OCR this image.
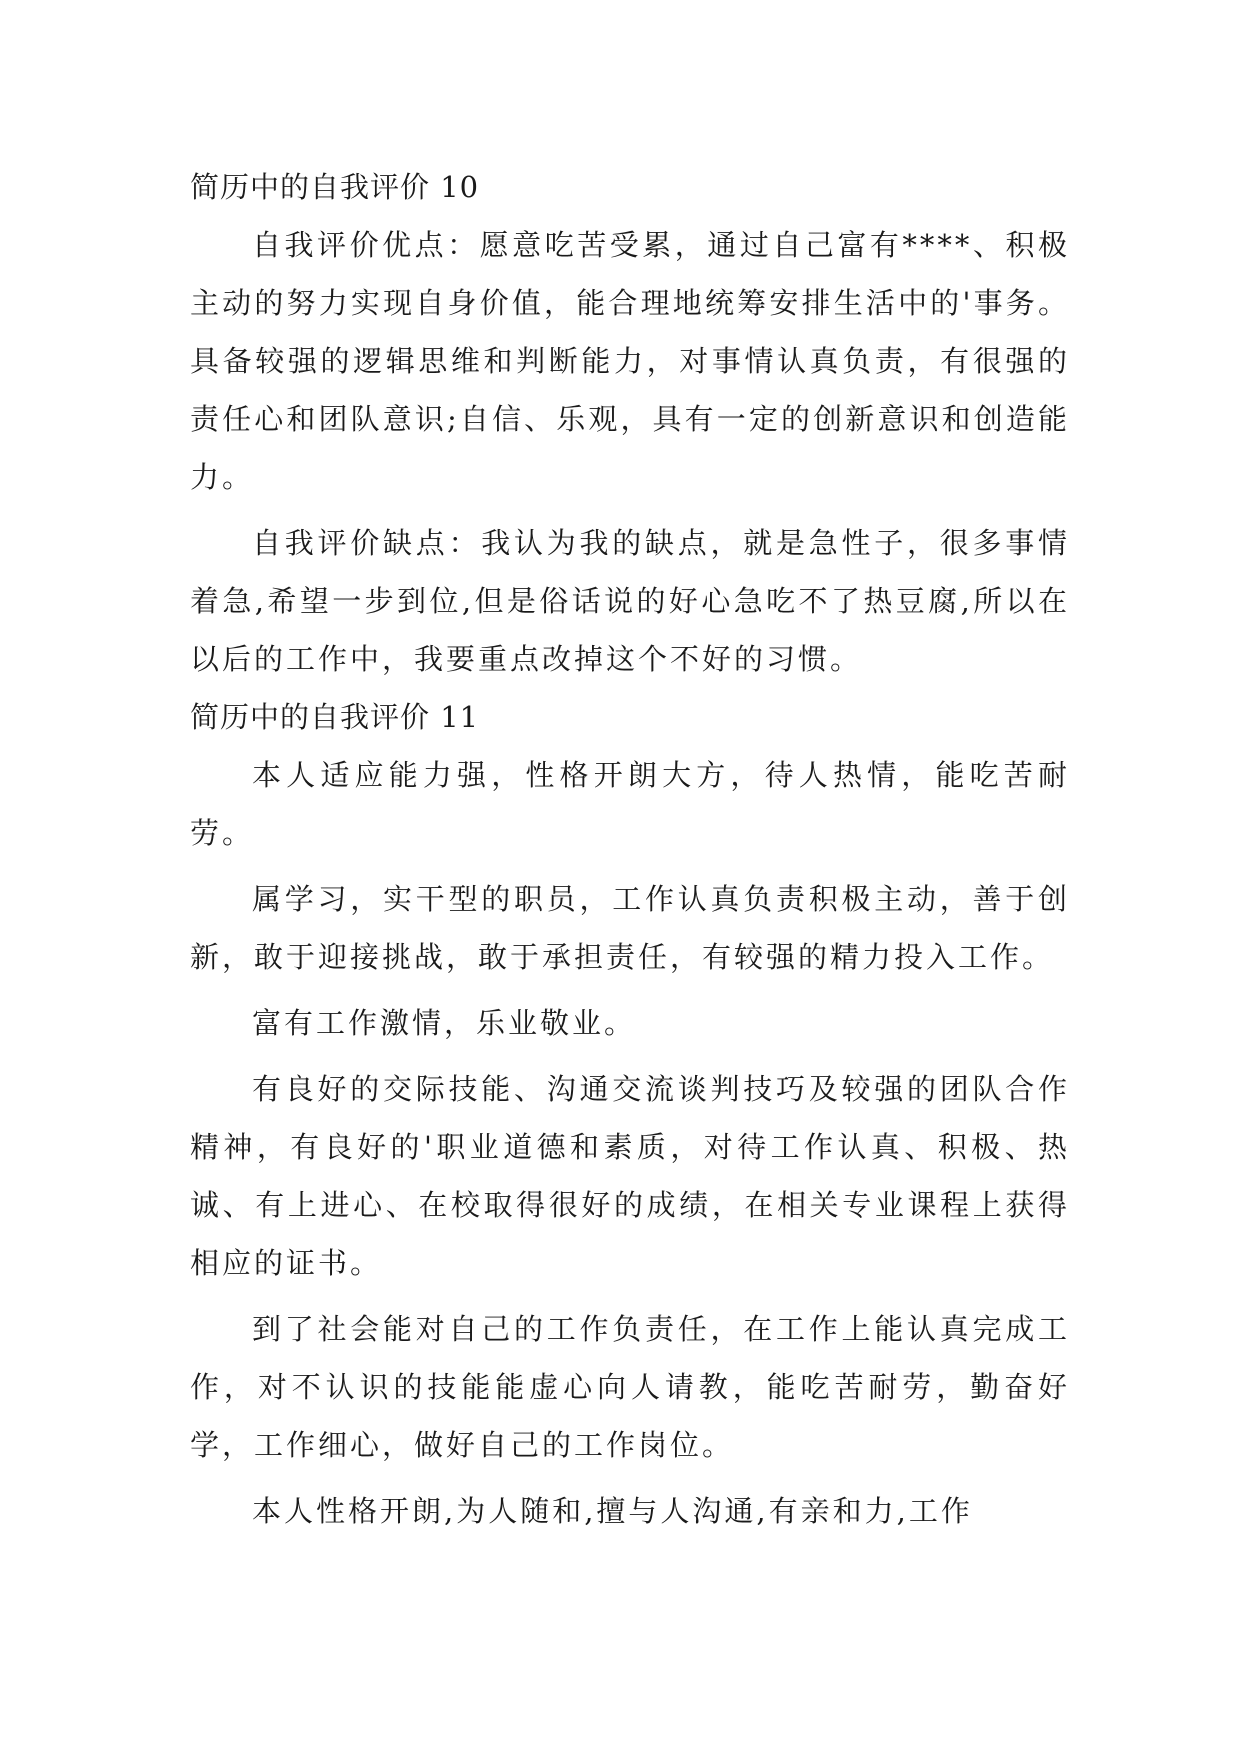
简历中的自我评价 10

自我评价优点：愿意吃苦受累，通过自己富有****、积极主动的努力实现自身价值，能合理地统筹安排生活中的'事务。具备较强的逻辑思维和判断能力，对事情认真负责，有很强的责任心和团队意识;自信、乐观，具有一定的创新意识和创造能力。

自我评价缺点：我认为我的缺点，就是急性子，很多事情着急,希望一步到位,但是俗话说的好心急吃不了热豆腐,所以在以后的工作中，我要重点改掉这个不好的习惯。

简历中的自我评价 11

本人适应能力强，性格开朗大方，待人热情，能吃苦耐劳。

属学习，实干型的职员，工作认真负责积极主动，善于创新，敢于迎接挑战，敢于承担责任，有较强的精力投入工作。

富有工作激情，乐业敬业。

有良好的交际技能、沟通交流谈判技巧及较强的团队合作精神，有良好的'职业道德和素质，对待工作认真、积极、热诚、有上进心、在校取得很好的成绩，在相关专业课程上获得相应的证书。

到了社会能对自己的工作负责任，在工作上能认真完成工作，对不认识的技能能虚心向人请教，能吃苦耐劳，勤奋好学，工作细心，做好自己的工作岗位。

本人性格开朗,为人随和,擅与人沟通,有亲和力,工作
